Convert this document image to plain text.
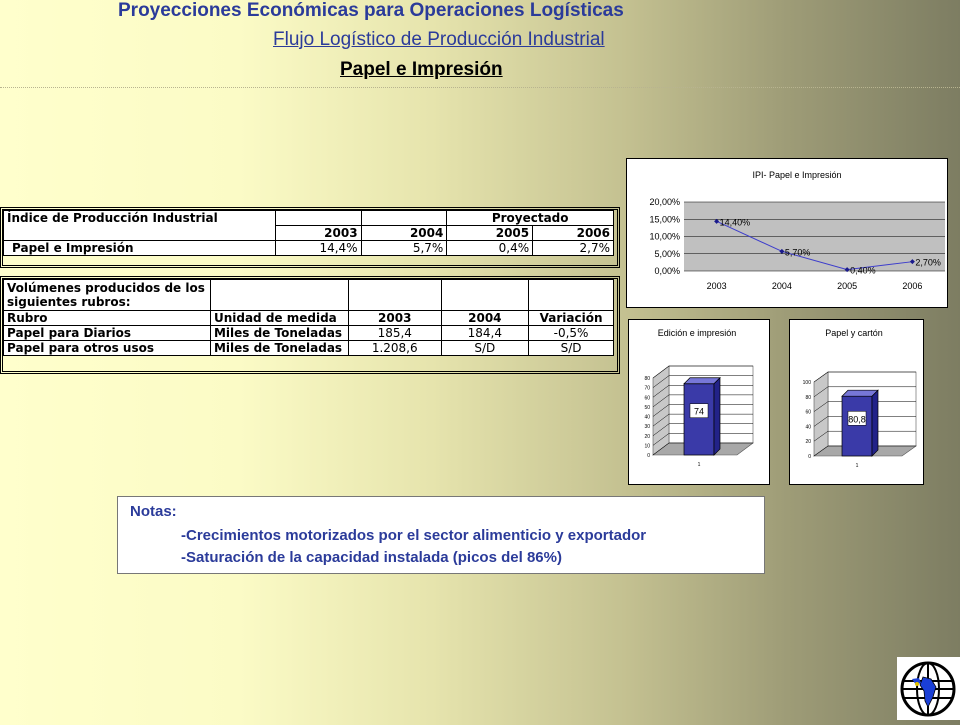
Proyecciones Económicas para Operaciones Logísticas
Flujo Logístico de Producción Industrial
Papel e Impresión
Índice de Producción Industrial			Proyectado	
	2003	2004	2005	2006
Papel e Impresión	14,4%	5,7%	0,4%	2,7%
Volúmenes producidos de los
siguientes rubros:				
Rubro	Unidad de medida	2003	2004	Variación
Papel para Diarios	Miles de Toneladas	185,4	184,4	-0,5%
Papel para otros usos	Miles de Toneladas	1.208,6	S/D	S/D
IPI- Papel e Impresión
0,00%
5,00%
10,00%
15,00%
20,00%
2003	2004	2005	2006
14,40%
5,70%
0,40%
2,70%
Edición e impresión
0
10
20
30
40
50
60
70
80
74
1
Papel y cartón
0
20
40
60
80
100
80,8
1
Notas:
-Crecimientos motorizados por el sector alimenticio y exportador
-Saturación de la capacidad instalada (picos del 86%)
